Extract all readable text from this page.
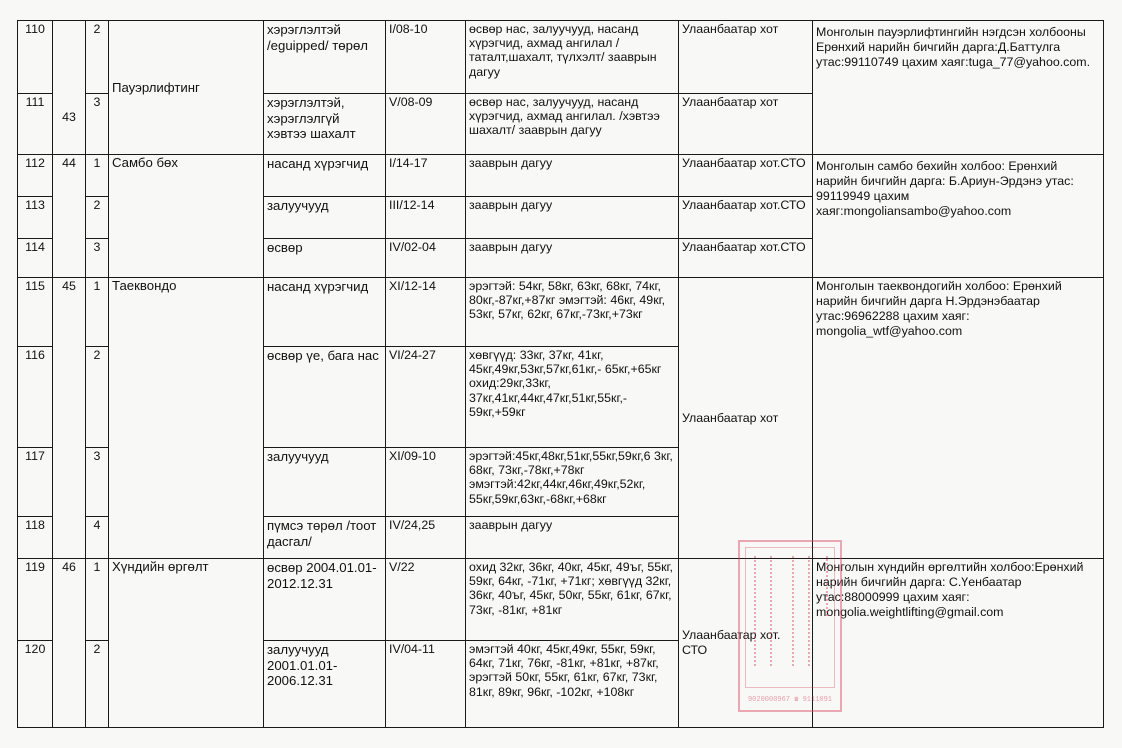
110	43	2	Пауэрлифтинг	хэрэглэлтэй /eguipped/ төрөл	I/08-10	өсвөр нас, залуучууд, насанд хүрэгчид, ахмад ангилал /таталт,шахалт, түлхэлт/ зааврын дагуу	Улаанбаатар хот	Монголын пауэрлифтингийн нэгдсэн холбооны Ерөнхий нарийн бичгийн дарга:Д.Баттулга утас:99110749 цахим хаяг:tuga_77@yahoo.com.
111		3		хэрэглэлтэй, хэрэглэлгүй хэвтээ шахалт	V/08-09	өсвөр нас, залуучууд, насанд хүрэгчид, ахмад ангилал. /хэвтээ шахалт/ зааврын дагуу	Улаанбаатар хот	
112	44	1	Самбо бөх	насанд хүрэгчид	I/14-17	зааврын дагуу	Улаанбаатар хот.СТО	Монголын самбо бөхийн холбоо: Ерөнхий нарийн бичгийн дарга: Б.Ариун-Эрдэнэ утас: 99119949 цахим хаяг:mongoliansambo@yahoo.com
113		2		залуучууд	III/12-14	зааврын дагуу	Улаанбаатар хот.СТО	
114		3		өсвөр	IV/02-04	зааврын дагуу	Улаанбаатар хот.СТО	
115	45	1	Таеквондо	насанд хүрэгчид	XI/12-14	эрэгтэй: 54кг, 58кг, 63кг, 68кг, 74кг, 80кг,-87кг,+87кг эмэгтэй: 46кг, 49кг, 53кг, 57кг, 62кг, 67кг,-73кг,+73кг	Улаанбаатар хот	Монголын таеквондогийн холбоо: Ерөнхий нарийн бичгийн дарга Н.Эрдэнэбаатар утас:96962288 цахим хаяг: mongolia_wtf@yahoo.com
116		2		өсвөр үе, бага нас	VI/24-27	хөвгүүд: 33кг, 37кг, 41кг, 45кг,49кг,53кг,57кг,61кг,- 65кг,+65кг охид:29кг,33кг, 37кг,41кг,44кг,47кг,51кг,55кг,- 59кг,+59кг		
117		3		залуучууд	XI/09-10	эрэгтэй:45кг,48кг,51кг,55кг,59кг,6 3кг, 68кг, 73кг,-78кг,+78кг эмэгтэй:42кг,44кг,46кг,49кг,52кг, 55кг,59кг,63кг,-68кг,+68кг		
118		4		пүмсэ төрөл /тоот дасгал/	IV/24,25	зааврын дагуу		
119	46	1	Хүндийн өргөлт	өсвөр 2004.01.01- 2012.12.31	V/22	охид 32кг, 36кг, 40кг, 45кг, 49ъг, 55кг, 59кг, 64кг, -71кг, +71кг; хөвгүүд 32кг, 36кг, 40ъг, 45кг, 50кг, 55кг, 61кг, 67кг, 73кг, -81кг, +81кг	Улаанбаатар хот. СТО	Монголын хүндийн өргөлтийн холбоо:Ерөнхий нарийн бичгийн дарга: С.Үенбаатар утас:88000999 цахим хаяг: mongolia.weightlifting@gmail.com
120		2		залуучууд 2001.01.01- 2006.12.31	IV/04-11	эмэгтэй 40кг, 45кг,49кг, 55кг, 59кг, 64кг, 71кг, 76кг, -81кг, +81кг, +87кг, эрэгтэй 50кг, 55кг, 61кг, 67кг, 73кг, 81кг, 89кг, 96кг, -102кг, +108кг		
9020000967 ☎ 9111091
